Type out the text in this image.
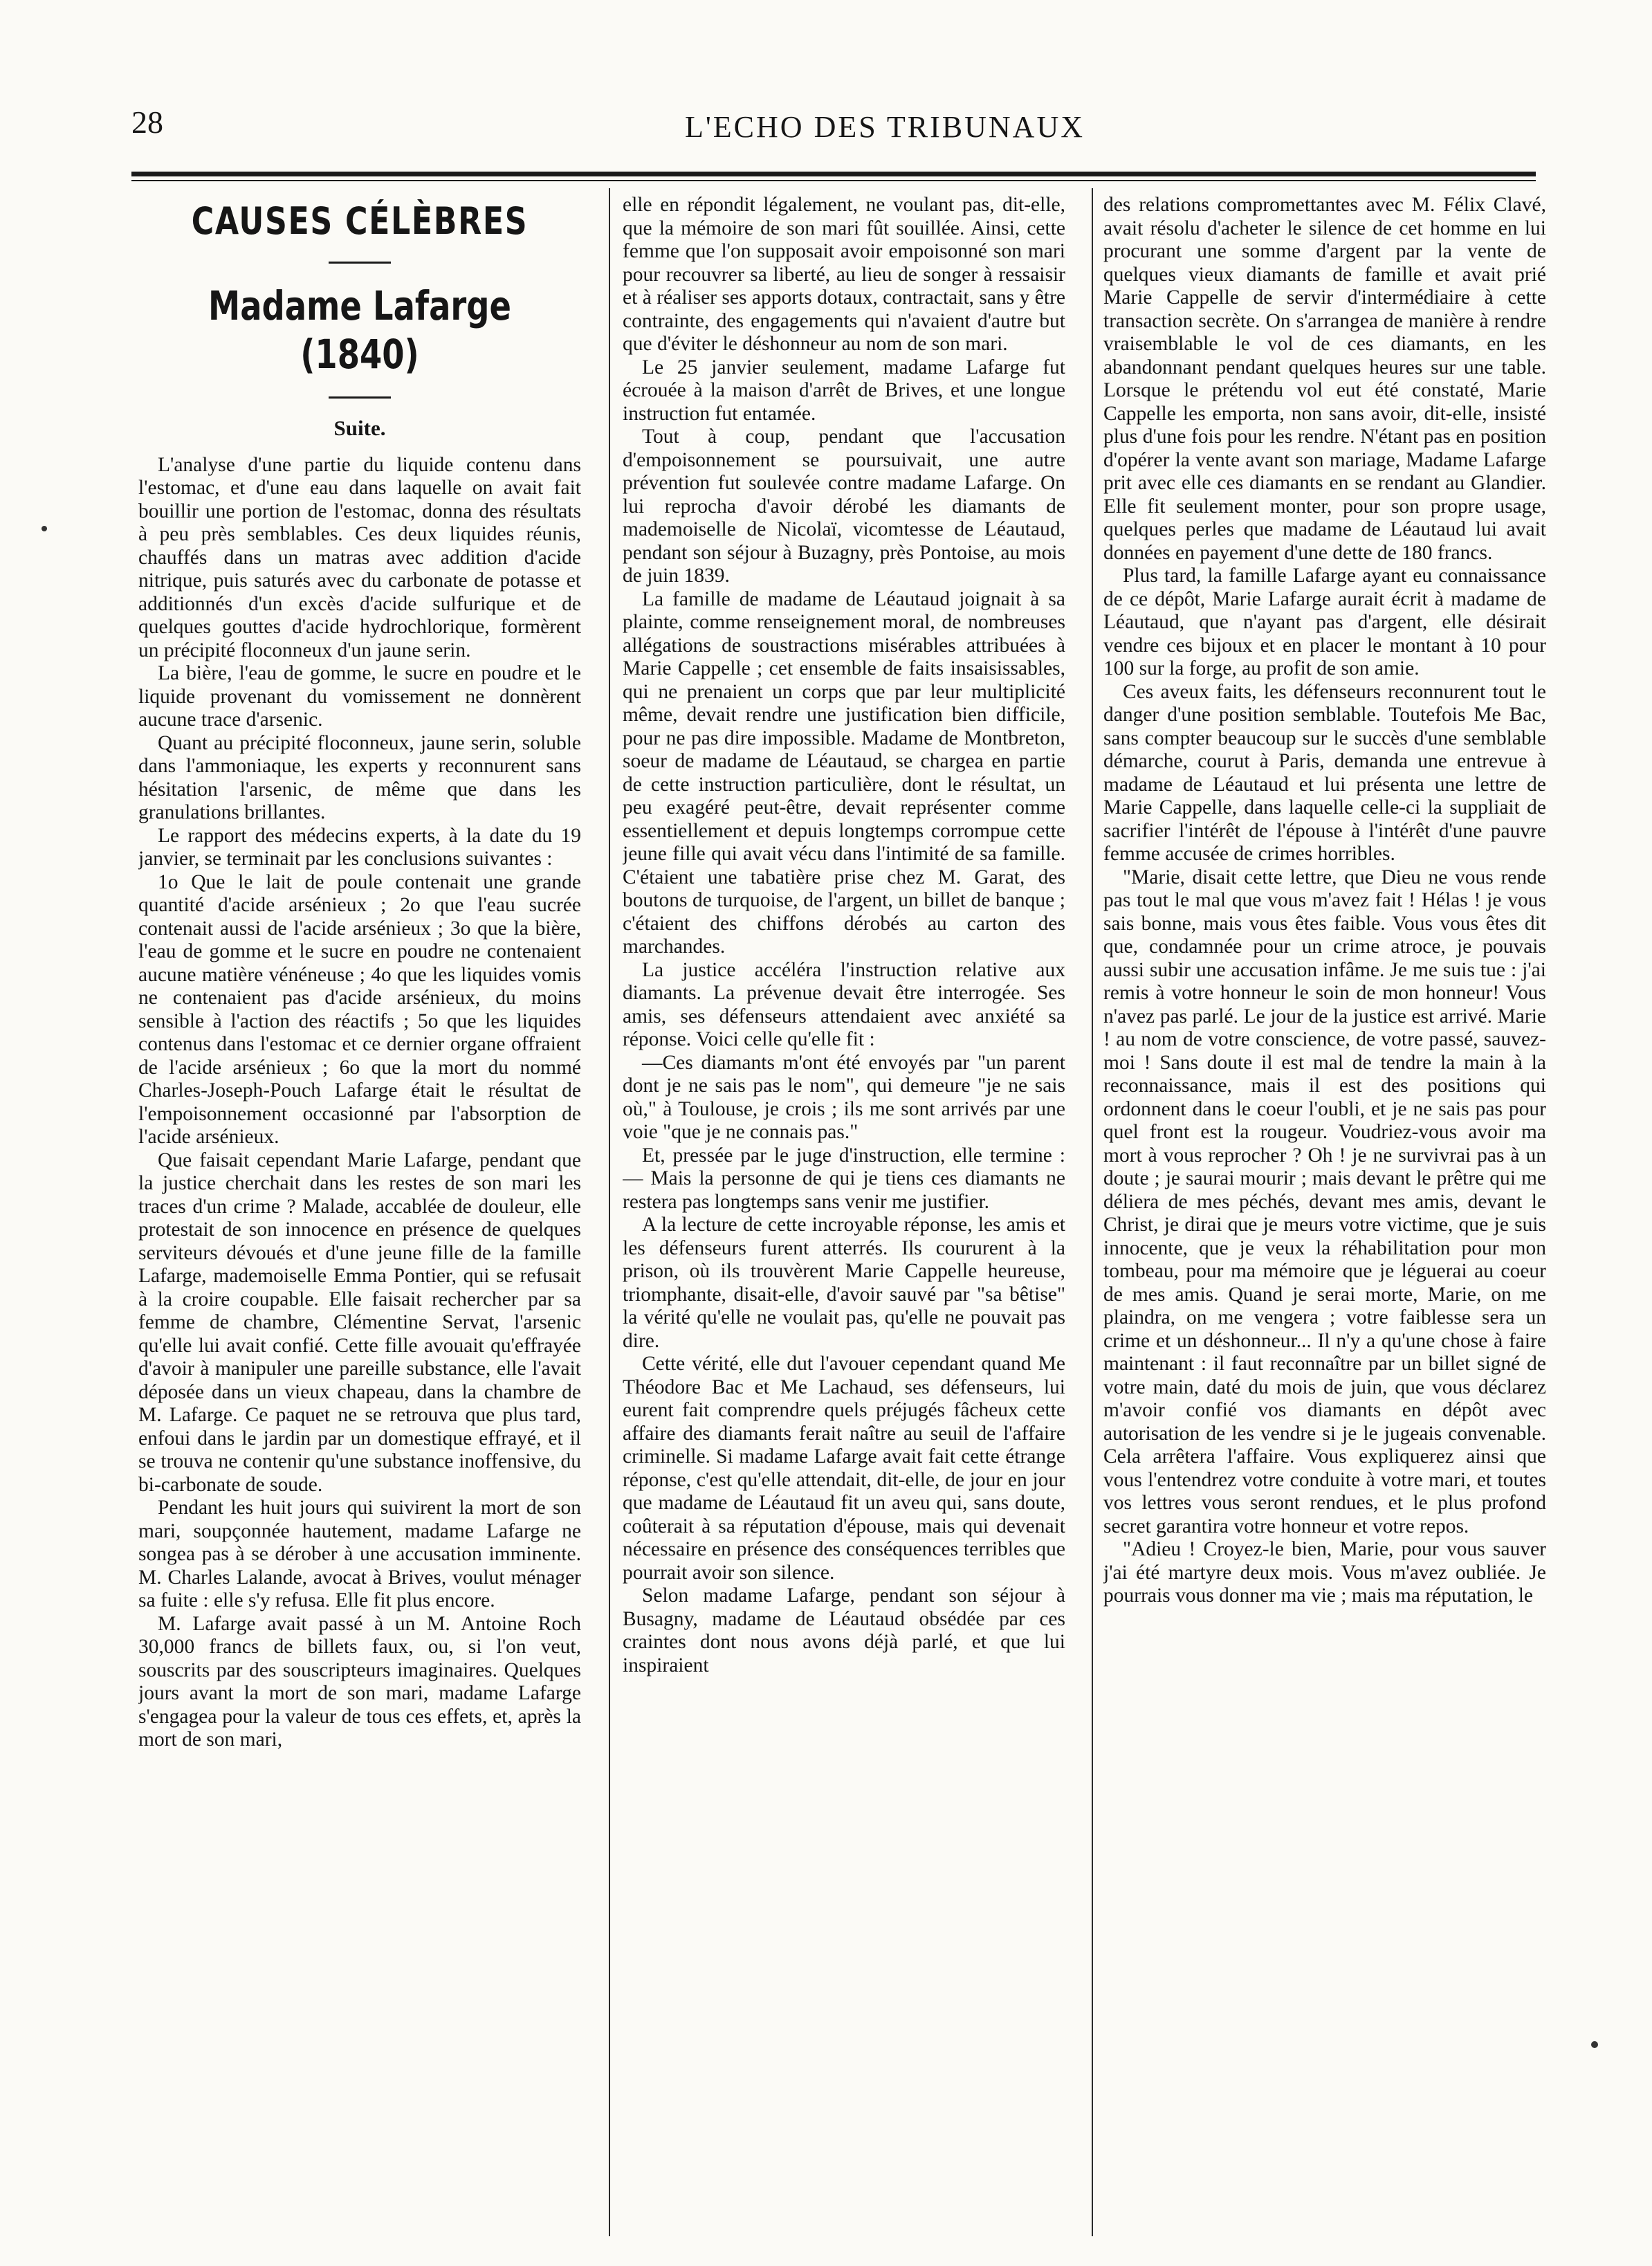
28	L'ECHO DES TRIBUNAUX
CAUSES CÉLÈBRES
Madame Lafarge (1840)
Suite.

L'analyse d'une partie du liquide contenu dans l'estomac, et d'une eau dans laquelle on avait fait bouillir une portion de l'estomac, donna des résultats à peu près semblables. Ces deux liquides réunis, chauffés dans un matras avec addition d'acide nitrique, puis saturés avec du carbonate de potasse et additionnés d'un excès d'acide sulfurique et de quelques gouttes d'acide hydrochlorique, formèrent un précipité floconneux d'un jaune serin.

La bière, l'eau de gomme, le sucre en poudre et le liquide provenant du vomissement ne donnèrent aucune trace d'arsenic.

Quant au précipité floconneux, jaune serin, soluble dans l'ammoniaque, les experts y reconnurent sans hésitation l'arsenic, de même que dans les granulations brillantes.

Le rapport des médecins experts, à la date du 19 janvier, se terminait par les conclusions suivantes :

1o Que le lait de poule contenait une grande quantité d'acide arsénieux ; 2o que l'eau sucrée contenait aussi de l'acide arsénieux ; 3o que la bière, l'eau de gomme et le sucre en poudre ne contenaient aucune matière vénéneuse ; 4o que les liquides vomis ne contenaient pas d'acide arsénieux, du moins sensible à l'action des réactifs ; 5o que les liquides contenus dans l'estomac et ce dernier organe offraient de l'acide arsénieux ; 6o que la mort du nommé Charles-Joseph-Pouch Lafarge était le résultat de l'empoisonnement occasionné par l'absorption de l'acide arsénieux.

Que faisait cependant Marie Lafarge, pendant que la justice cherchait dans les restes de son mari les traces d'un crime ? Malade, accablée de douleur, elle protestait de son innocence en présence de quelques serviteurs dévoués et d'une jeune fille de la famille Lafarge, mademoiselle Emma Pontier, qui se refusait à la croire coupable. Elle faisait rechercher par sa femme de chambre, Clémentine Servat, l'arsenic qu'elle lui avait confié. Cette fille avouait qu'effrayée d'avoir à manipuler une pareille substance, elle l'avait déposée dans un vieux chapeau, dans la chambre de M. Lafarge. Ce paquet ne se retrouva que plus tard, enfoui dans le jardin par un domestique effrayé, et il se trouva ne contenir qu'une substance inoffensive, du bi-carbonate de soude.

Pendant les huit jours qui suivirent la mort de son mari, soupçonnée hautement, madame Lafarge ne songea pas à se dérober à une accusation imminente. M. Charles Lalande, avocat à Brives, voulut ménager sa fuite : elle s'y refusa. Elle fit plus encore.

M. Lafarge avait passé à un M. Antoine Roch 30,000 francs de billets faux, ou, si l'on veut, souscrits par des souscripteurs imaginaires. Quelques jours avant la mort de son mari, madame Lafarge s'engagea pour la valeur de tous ces effets, et, après la mort de son mari,

elle en répondit légalement, ne voulant pas, dit-elle, que la mémoire de son mari fût souillée. Ainsi, cette femme que l'on supposait avoir empoisonné son mari pour recouvrer sa liberté, au lieu de songer à ressaisir et à réaliser ses apports dotaux, contractait, sans y être contrainte, des engagements qui n'avaient d'autre but que d'éviter le déshonneur au nom de son mari.

Le 25 janvier seulement, madame Lafarge fut écrouée à la maison d'arrêt de Brives, et une longue instruction fut entamée.

Tout à coup, pendant que l'accusation d'empoisonnement se poursuivait, une autre prévention fut soulevée contre madame Lafarge. On lui reprocha d'avoir dérobé les diamants de mademoiselle de Nicolaï, vicomtesse de Léautaud, pendant son séjour à Buzagny, près Pontoise, au mois de juin 1839.

La famille de madame de Léautaud joignait à sa plainte, comme renseignement moral, de nombreuses allégations de soustractions misérables attribuées à Marie Cappelle ; cet ensemble de faits insaisissables, qui ne prenaient un corps que par leur multiplicité même, devait rendre une justification bien difficile, pour ne pas dire impossible. Madame de Montbreton, soeur de madame de Léautaud, se chargea en partie de cette instruction particulière, dont le résultat, un peu exagéré peut-être, devait représenter comme essentiellement et depuis longtemps corrompue cette jeune fille qui avait vécu dans l'intimité de sa famille. C'étaient une tabatière prise chez M. Garat, des boutons de turquoise, de l'argent, un billet de banque ; c'étaient des chiffons dérobés au carton des marchandes.

La justice accéléra l'instruction relative aux diamants. La prévenue devait être interrogée. Ses amis, ses défenseurs attendaient avec anxiété sa réponse. Voici celle qu'elle fit :

—Ces diamants m'ont été envoyés par "un parent dont je ne sais pas le nom", qui demeure "je ne sais où," à Toulouse, je crois ; ils me sont arrivés par une voie "que je ne connais pas."

Et, pressée par le juge d'instruction, elle termine : — Mais la personne de qui je tiens ces diamants ne restera pas longtemps sans venir me justifier.

A la lecture de cette incroyable réponse, les amis et les défenseurs furent atterrés. Ils coururent à la prison, où ils trouvèrent Marie Cappelle heureuse, triomphante, disait-elle, d'avoir sauvé par "sa bêtise" la vérité qu'elle ne voulait pas, qu'elle ne pouvait pas dire.

Cette vérité, elle dut l'avouer cependant quand Me Théodore Bac et Me Lachaud, ses défenseurs, lui eurent fait comprendre quels préjugés fâcheux cette affaire des diamants ferait naître au seuil de l'affaire criminelle. Si madame Lafarge avait fait cette étrange réponse, c'est qu'elle attendait, dit-elle, de jour en jour que madame de Léautaud fit un aveu qui, sans doute, coûterait à sa réputation d'épouse, mais qui devenait nécessaire en présence des conséquences terribles que pourrait avoir son silence.

Selon madame Lafarge, pendant son séjour à Busagny, madame de Léautaud obsédée par ces craintes dont nous avons déjà parlé, et que lui inspiraient

des relations compromettantes avec M. Félix Clavé, avait résolu d'acheter le silence de cet homme en lui procurant une somme d'argent par la vente de quelques vieux diamants de famille et avait prié Marie Cappelle de servir d'intermédiaire à cette transaction secrète. On s'arrangea de manière à rendre vraisemblable le vol de ces diamants, en les abandonnant pendant quelques heures sur une table. Lorsque le prétendu vol eut été constaté, Marie Cappelle les emporta, non sans avoir, dit-elle, insisté plus d'une fois pour les rendre. N'étant pas en position d'opérer la vente avant son mariage, Madame Lafarge prit avec elle ces diamants en se rendant au Glandier. Elle fit seulement monter, pour son propre usage, quelques perles que madame de Léautaud lui avait données en payement d'une dette de 180 francs.

Plus tard, la famille Lafarge ayant eu connaissance de ce dépôt, Marie Lafarge aurait écrit à madame de Léautaud, que n'ayant pas d'argent, elle désirait vendre ces bijoux et en placer le montant à 10 pour 100 sur la forge, au profit de son amie.

Ces aveux faits, les défenseurs reconnurent tout le danger d'une position semblable. Toutefois Me Bac, sans compter beaucoup sur le succès d'une semblable démarche, courut à Paris, demanda une entrevue à madame de Léautaud et lui présenta une lettre de Marie Cappelle, dans laquelle celle-ci la suppliait de sacrifier l'intérêt de l'épouse à l'intérêt d'une pauvre femme accusée de crimes horribles.

"Marie, disait cette lettre, que Dieu ne vous rende pas tout le mal que vous m'avez fait ! Hélas ! je vous sais bonne, mais vous êtes faible. Vous vous êtes dit que, condamnée pour un crime atroce, je pouvais aussi subir une accusation infâme. Je me suis tue : j'ai remis à votre honneur le soin de mon honneur! Vous n'avez pas parlé. Le jour de la justice est arrivé. Marie ! au nom de votre conscience, de votre passé, sauvez-moi ! Sans doute il est mal de tendre la main à la reconnaissance, mais il est des positions qui ordonnent dans le coeur l'oubli, et je ne sais pas pour quel front est la rougeur. Voudriez-vous avoir ma mort à vous reprocher ? Oh ! je ne survivrai pas à un doute ; je saurai mourir ; mais devant le prêtre qui me déliera de mes péchés, devant mes amis, devant le Christ, je dirai que je meurs votre victime, que je suis innocente, que je veux la réhabilitation pour mon tombeau, pour ma mémoire que je léguerai au coeur de mes amis. Quand je serai morte, Marie, on me plaindra, on me vengera ; votre faiblesse sera un crime et un déshonneur... Il n'y a qu'une chose à faire maintenant : il faut reconnaître par un billet signé de votre main, daté du mois de juin, que vous déclarez m'avoir confié vos diamants en dépôt avec autorisation de les vendre si je le jugeais convenable. Cela arrêtera l'affaire. Vous expliquerez ainsi que vous l'entendrez votre conduite à votre mari, et toutes vos lettres vous seront rendues, et le plus profond secret garantira votre honneur et votre repos.

"Adieu ! Croyez-le bien, Marie, pour vous sauver j'ai été martyre deux mois. Vous m'avez oubliée. Je pourrais vous donner ma vie ; mais ma réputation, le
